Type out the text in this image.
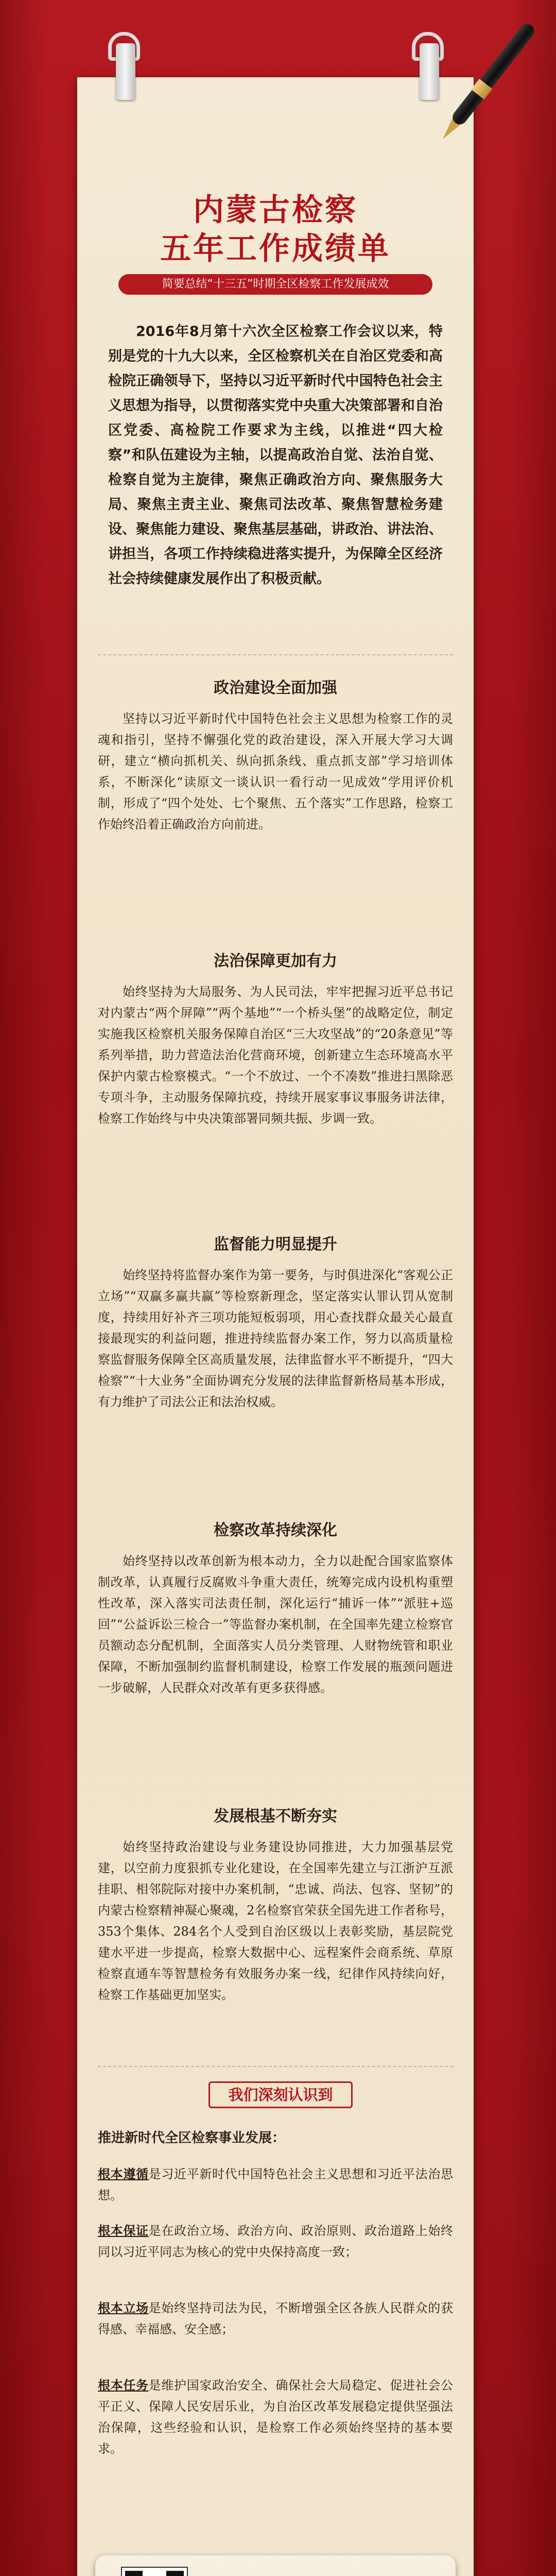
内蒙古检察
五年工作成绩单
简要总结“十三五”时期全区检察工作发展成效
2016年8月第十六次全区检察工作会议以来，特别是党的十九大以来，全区检察机关在自治区党委和高检院正确领导下，坚持以习近平新时代中国特色社会主义思想为指导，以贯彻落实党中央重大决策部署和自治区党委、高检院工作要求为主线，以推进“四大检察”和队伍建设为主轴，以提高政治自觉、法治自觉、检察自觉为主旋律，聚焦正确政治方向、聚焦服务大局、聚焦主责主业、聚焦司法改革、聚焦智慧检务建设、聚焦能力建设、聚焦基层基础，讲政治、讲法治、讲担当，各项工作持续稳进落实提升，为保障全区经济社会持续健康发展作出了积极贡献。
政治建设全面加强
坚持以习近平新时代中国特色社会主义思想为检察工作的灵魂和指引，坚持不懈强化党的政治建设，深入开展大学习大调研，建立“横向抓机关、纵向抓条线、重点抓支部”学习培训体系，不断深化“读原文一谈认识一看行动一见成效”学用评价机制，形成了“四个处处、七个聚焦、五个落实”工作思路，检察工作始终沿着正确政治方向前进。
法治保障更加有力
始终坚持为大局服务、为人民司法，牢牢把握习近平总书记对内蒙古“两个屏障”“两个基地”“一个桥头堡”的战略定位，制定实施我区检察机关服务保障自治区“三大攻坚战”的“20条意见”等系列举措，助力营造法治化营商环境，创新建立生态环境高水平保护内蒙古检察模式。“一个不放过、一个不凑数”推进扫黑除恶专项斗争，主动服务保障抗疫，持续开展家事议事服务讲法律，检察工作始终与中央决策部署同频共振、步调一致。
监督能力明显提升
始终坚持将监督办案作为第一要务，与时俱进深化“客观公正立场”“双赢多赢共赢”等检察新理念，坚定落实认罪认罚从宽制度，持续用好补齐三项功能短板弱项，用心查找群众最关心最直接最现实的利益问题，推进持续监督办案工作，努力以高质量检察监督服务保障全区高质量发展，法律监督水平不断提升，“四大检察”“十大业务”全面协调充分发展的法律监督新格局基本形成，有力维护了司法公正和法治权威。
检察改革持续深化
始终坚持以改革创新为根本动力，全力以赴配合国家监察体制改革，认真履行反腐败斗争重大责任，统筹完成内设机构重塑性改革，深入落实司法责任制，深化运行“捕诉一体”“派驻+巡回”“公益诉讼三检合一”等监督办案机制，在全国率先建立检察官员额动态分配机制，全面落实人员分类管理、人财物统管和职业保障，不断加强制约监督机制建设，检察工作发展的瓶颈问题进一步破解，人民群众对改革有更多获得感。
发展根基不断夯实
始终坚持政治建设与业务建设协同推进，大力加强基层党建，以空前力度狠抓专业化建设，在全国率先建立与江浙沪互派挂职、相邻院际对接中办案机制，“忠诚、尚法、包容、坚韧”的内蒙古检察精神凝心聚魂，2名检察官荣获全国先进工作者称号，353个集体、284名个人受到自治区级以上表彰奖励，基层院党建水平进一步提高，检察大数据中心、远程案件会商系统、草原检察直通车等智慧检务有效服务办案一线，纪律作风持续向好，检察工作基础更加坚实。
我们深刻认识到
推进新时代全区检察事业发展：
根本遵循是习近平新时代中国特色社会主义思想和习近平法治思想。
根本保证是在政治立场、政治方向、政治原则、政治道路上始终同以习近平同志为核心的党中央保持高度一致；
根本立场是始终坚持司法为民，不断增强全区各族人民群众的获得感、幸福感、安全感；
根本任务是维护国家政治安全、确保社会大局稳定、促进社会公平正义、保障人民安居乐业，为自治区改革发展稳定提供坚强法治保障，这些经验和认识，是检察工作必须始终坚持的基本要求。
